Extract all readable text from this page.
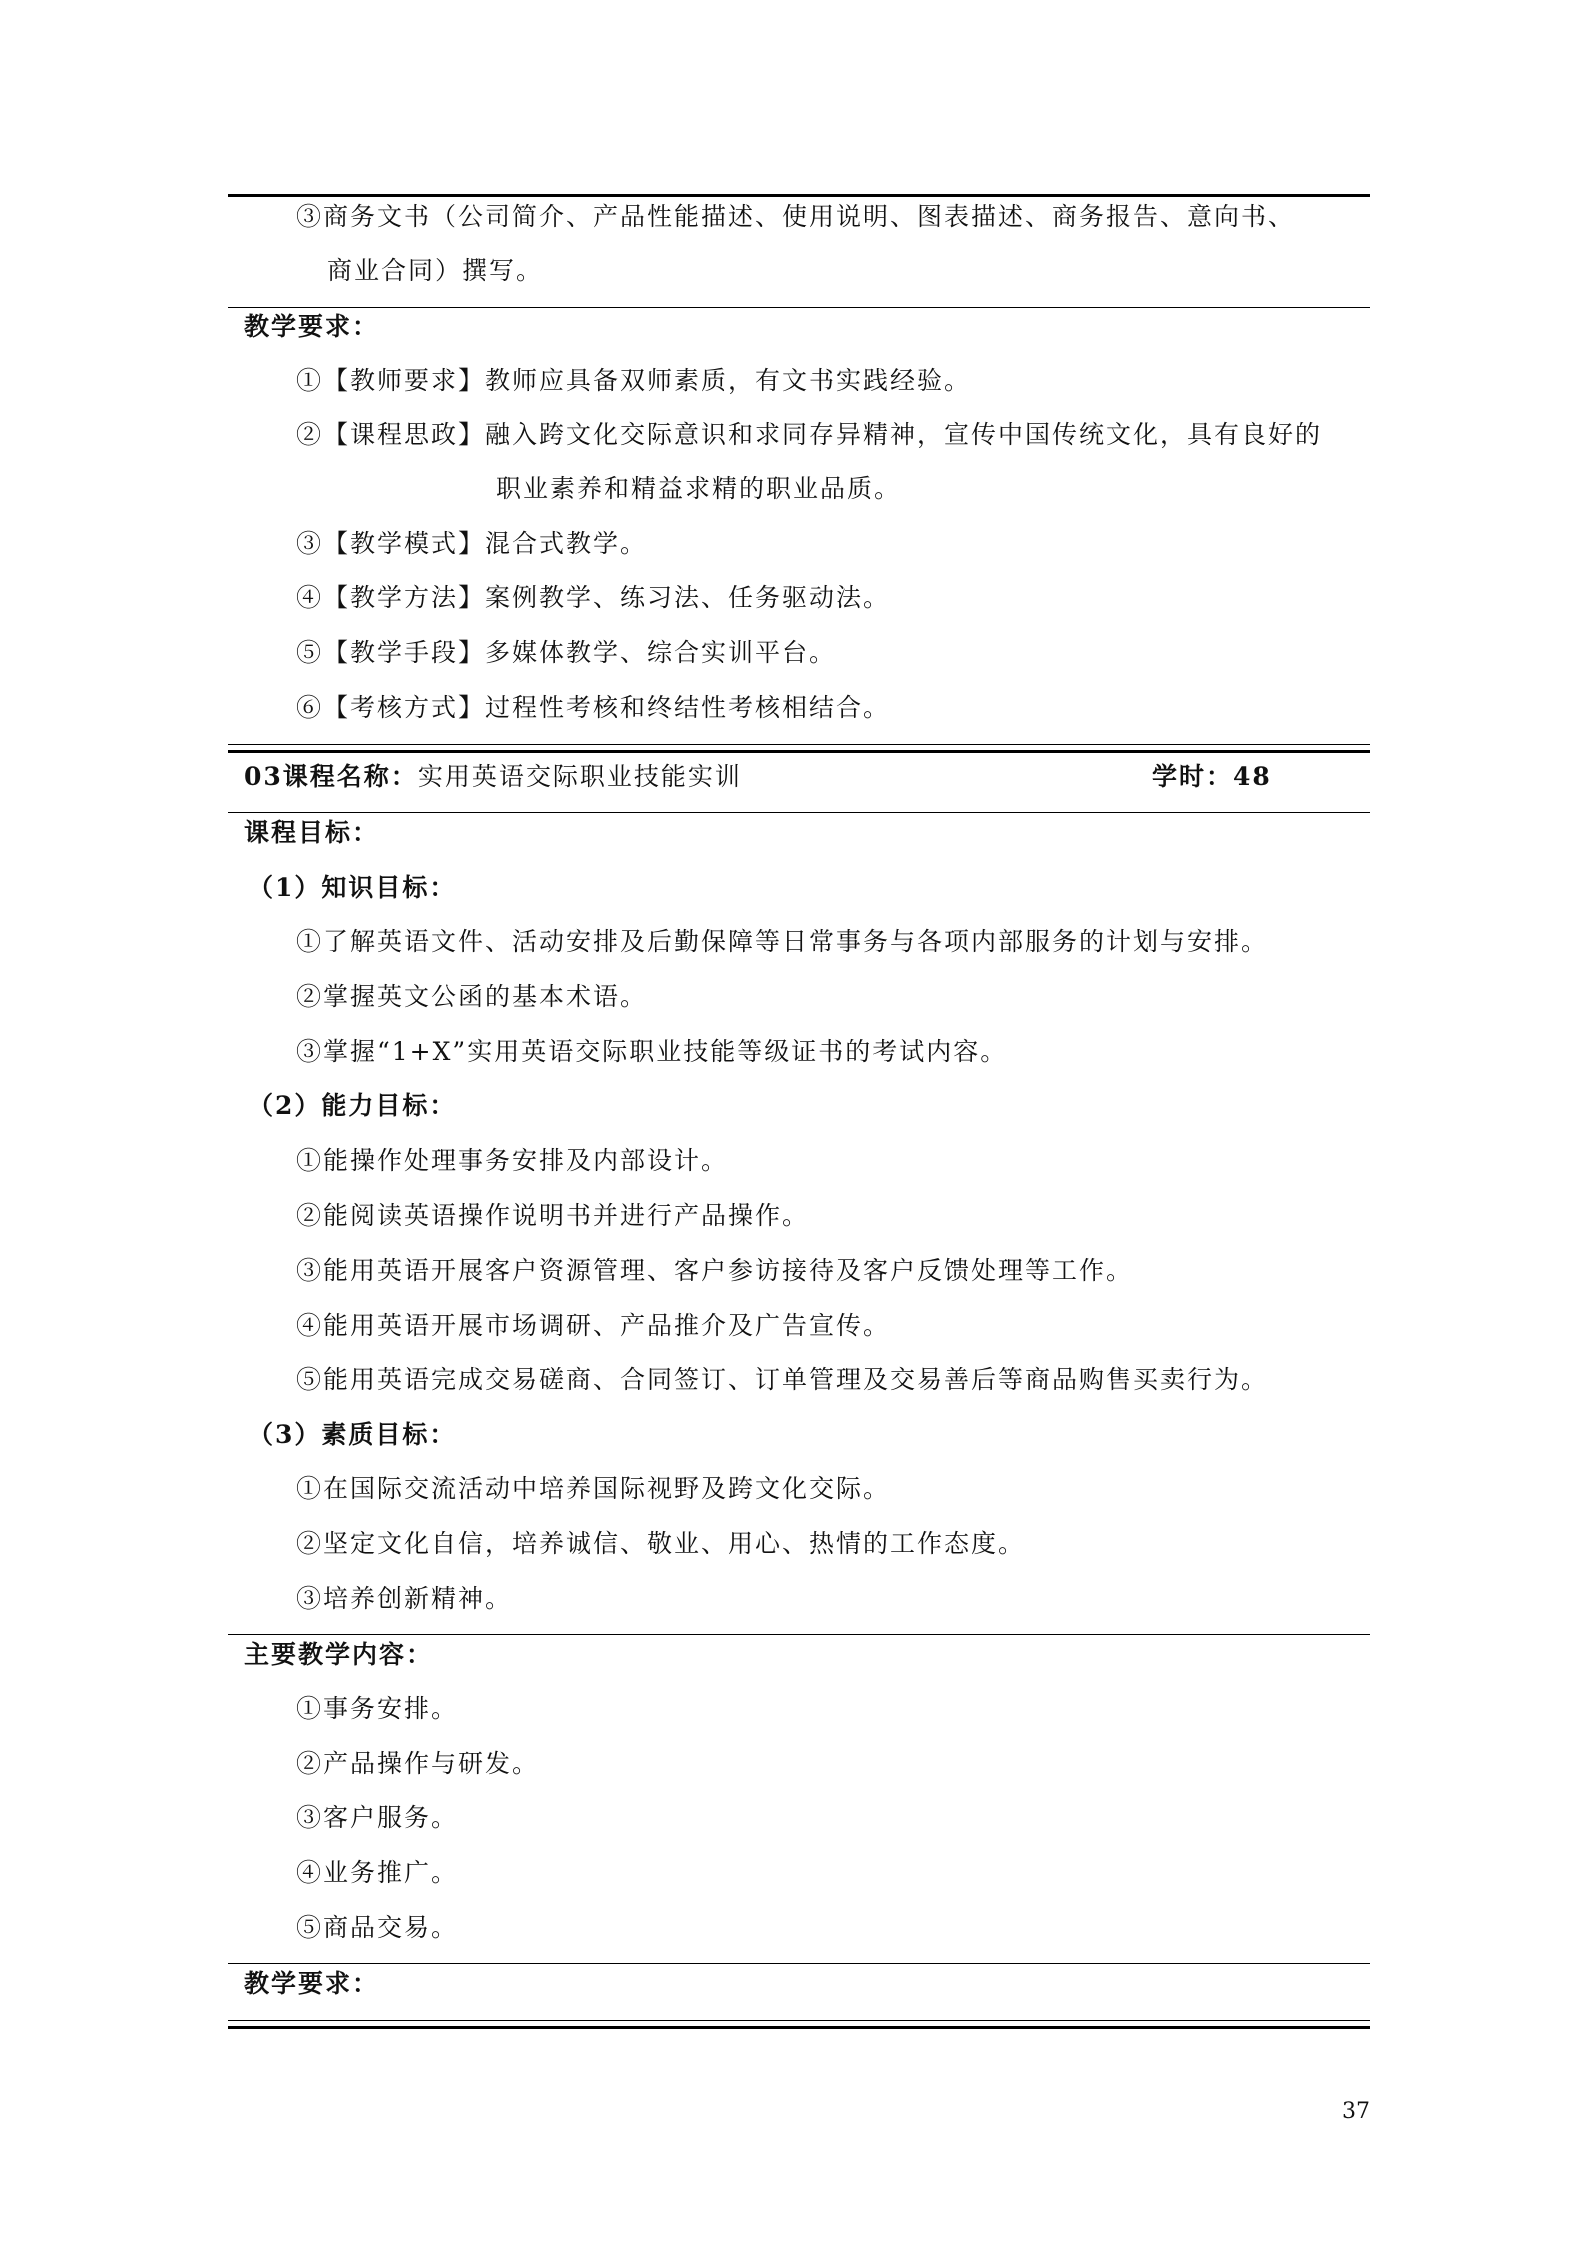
③商务文书（公司简介、产品性能描述、使用说明、图表描述、商务报告、意向书、
商业合同）撰写。
教学要求：
①【教师要求】教师应具备双师素质，有文书实践经验。
②【课程思政】融入跨文化交际意识和求同存异精神，宣传中国传统文化，具有良好的
职业素养和精益求精的职业品质。
③【教学模式】混合式教学。
④【教学方法】案例教学、练习法、任务驱动法。
⑤【教学手段】多媒体教学、综合实训平台。
⑥【考核方式】过程性考核和终结性考核相结合。
03课程名称：实用英语交际职业技能实训	学时：48
课程目标：
（1）知识目标：
①了解英语文件、活动安排及后勤保障等日常事务与各项内部服务的计划与安排。
②掌握英文公函的基本术语。
③掌握“1+X”实用英语交际职业技能等级证书的考试内容。
（2）能力目标：
①能操作处理事务安排及内部设计。
②能阅读英语操作说明书并进行产品操作。
③能用英语开展客户资源管理、客户参访接待及客户反馈处理等工作。
④能用英语开展市场调研、产品推介及广告宣传。
⑤能用英语完成交易磋商、合同签订、订单管理及交易善后等商品购售买卖行为。
（3）素质目标：
①在国际交流活动中培养国际视野及跨文化交际。
②坚定文化自信，培养诚信、敬业、用心、热情的工作态度。
③培养创新精神。
主要教学内容：
①事务安排。
②产品操作与研发。
③客户服务。
④业务推广。
⑤商品交易。
教学要求：
37
